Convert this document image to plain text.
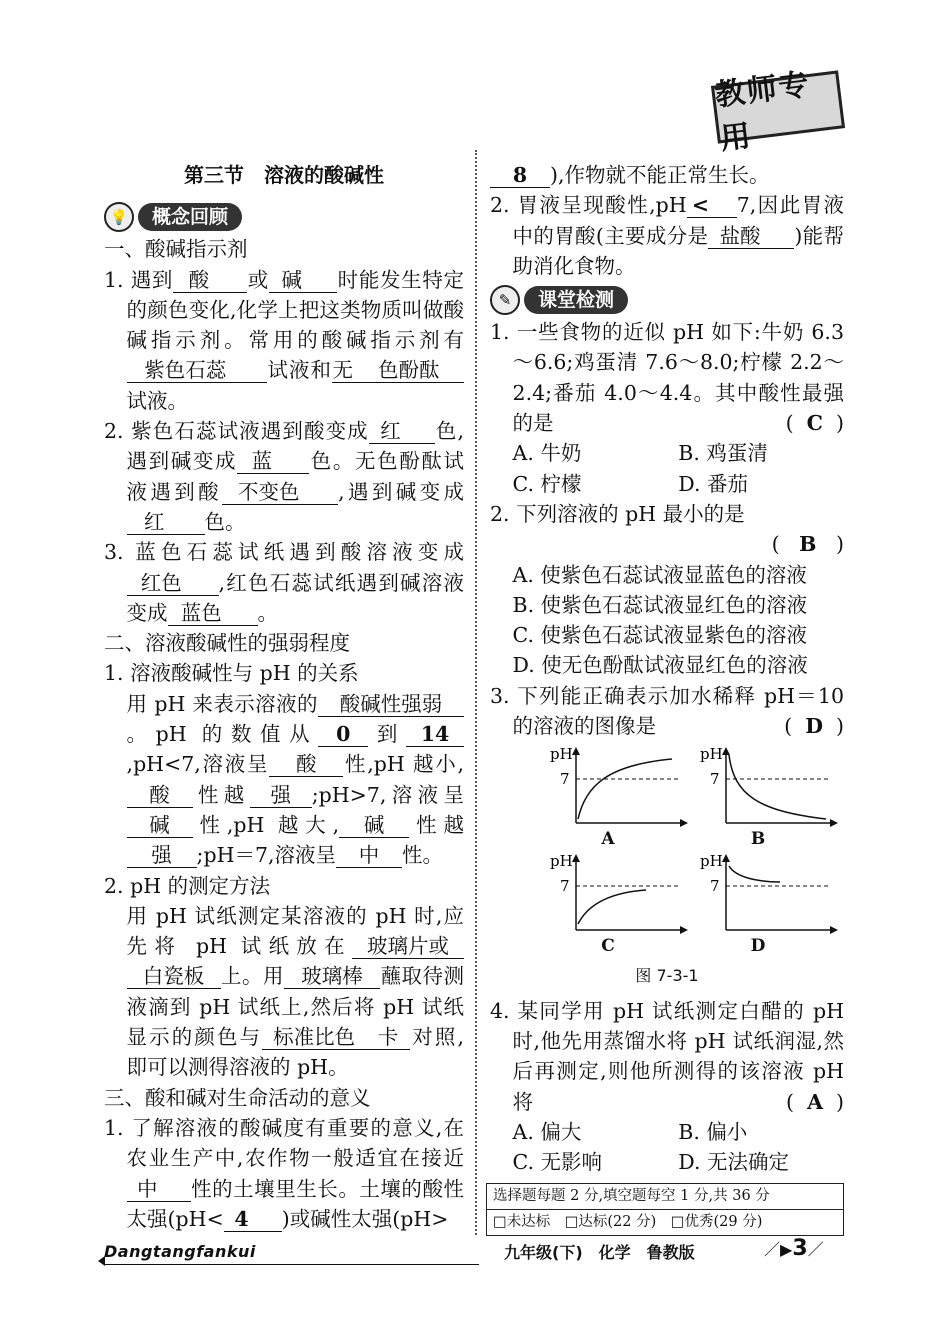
教师专用
第三节　溶液的酸碱性
💡	概念回顾
一、酸碱指示剂
1. 遇到 酸 或 碱 时能发生特定的颜色变化,化学上把这类物质叫做酸碱指示剂。常用的酸碱指示剂有紫色石蕊 试液和无 色酚酞试液。
2. 紫色石蕊试液遇到酸变成 红 色,遇到碱变成 蓝 色。无色酚酞试液遇到酸 不变色 ,遇到碱变成红 色。
3. 蓝色石蕊试纸遇到酸溶液变成红色 ,红色石蕊试纸遇到碱溶液变成 蓝色 。
二、溶液酸碱性的强弱程度
1. 溶液酸碱性与 pH 的关系
用 pH 来表示溶液的 酸碱性强弱。pH 的数值从 0 到 14,pH<7,溶液呈 酸 性,pH 越小,酸 性越 强 ;pH>7,溶液呈碱 性,pH 越大, 碱 性越强 ;pH＝7,溶液呈 中 性。
2. pH 的测定方法
用 pH 试纸测定某溶液的 pH 时,应先将 pH 试纸放在 玻璃片或白瓷板 上。用 玻璃棒 蘸取待测液滴到 pH 试纸上,然后将 pH 试纸显示的颜色与 标准比色 卡 对照,即可以测得溶液的 pH。
三、酸和碱对生命活动的意义
1. 了解溶液的酸碱度有重要的意义,在农业生产中,农作物一般适宜在接近中 性的土壤里生长。土壤的酸性太强(pH< 4 )或碱性太强(pH>
8 ),作物就不能正常生长。
2. 胃液呈现酸性,pH < 7,因此胃液中的胃酸(主要成分是 盐酸 )能帮助消化食物。
✎	课堂检测
1. 一些食物的近似 pH 如下:牛奶 6.3～6.6;鸡蛋清 7.6～8.0;柠檬 2.2～2.4;番茄 4.0～4.4。其中酸性最强的是	(  C  )
A. 牛奶	B. 鸡蛋清
C. 柠檬	D. 番茄
2. 下列溶液的 pH 最小的是
(   B   )
A. 使紫色石蕊试液显蓝色的溶液
B. 使紫色石蕊试液显红色的溶液
C. 使紫色石蕊试液显紫色的溶液
D. 使无色酚酞试液显红色的溶液
3. 下列能正确表示加水稀释 pH＝10 的溶液的图像是	(  D  )
pH
7
A
pH
7
B
pH
7
C
pH
7
D
图 7-3-1
4. 某同学用 pH 试纸测定白醋的 pH 时,他先用蒸馏水将 pH 试纸润湿,然后再测定,则他所测得的该溶液 pH 将	(  A  )
A. 偏大	B. 偏小
C. 无影响	D. 无法确定
选择题每题 2 分,填空题每空 1 分,共 36 分
□未达标　□达标(22 分)　□优秀(29 分)
Dangtangfankui	九年级(下)　化学　鲁教版	／▶3／
